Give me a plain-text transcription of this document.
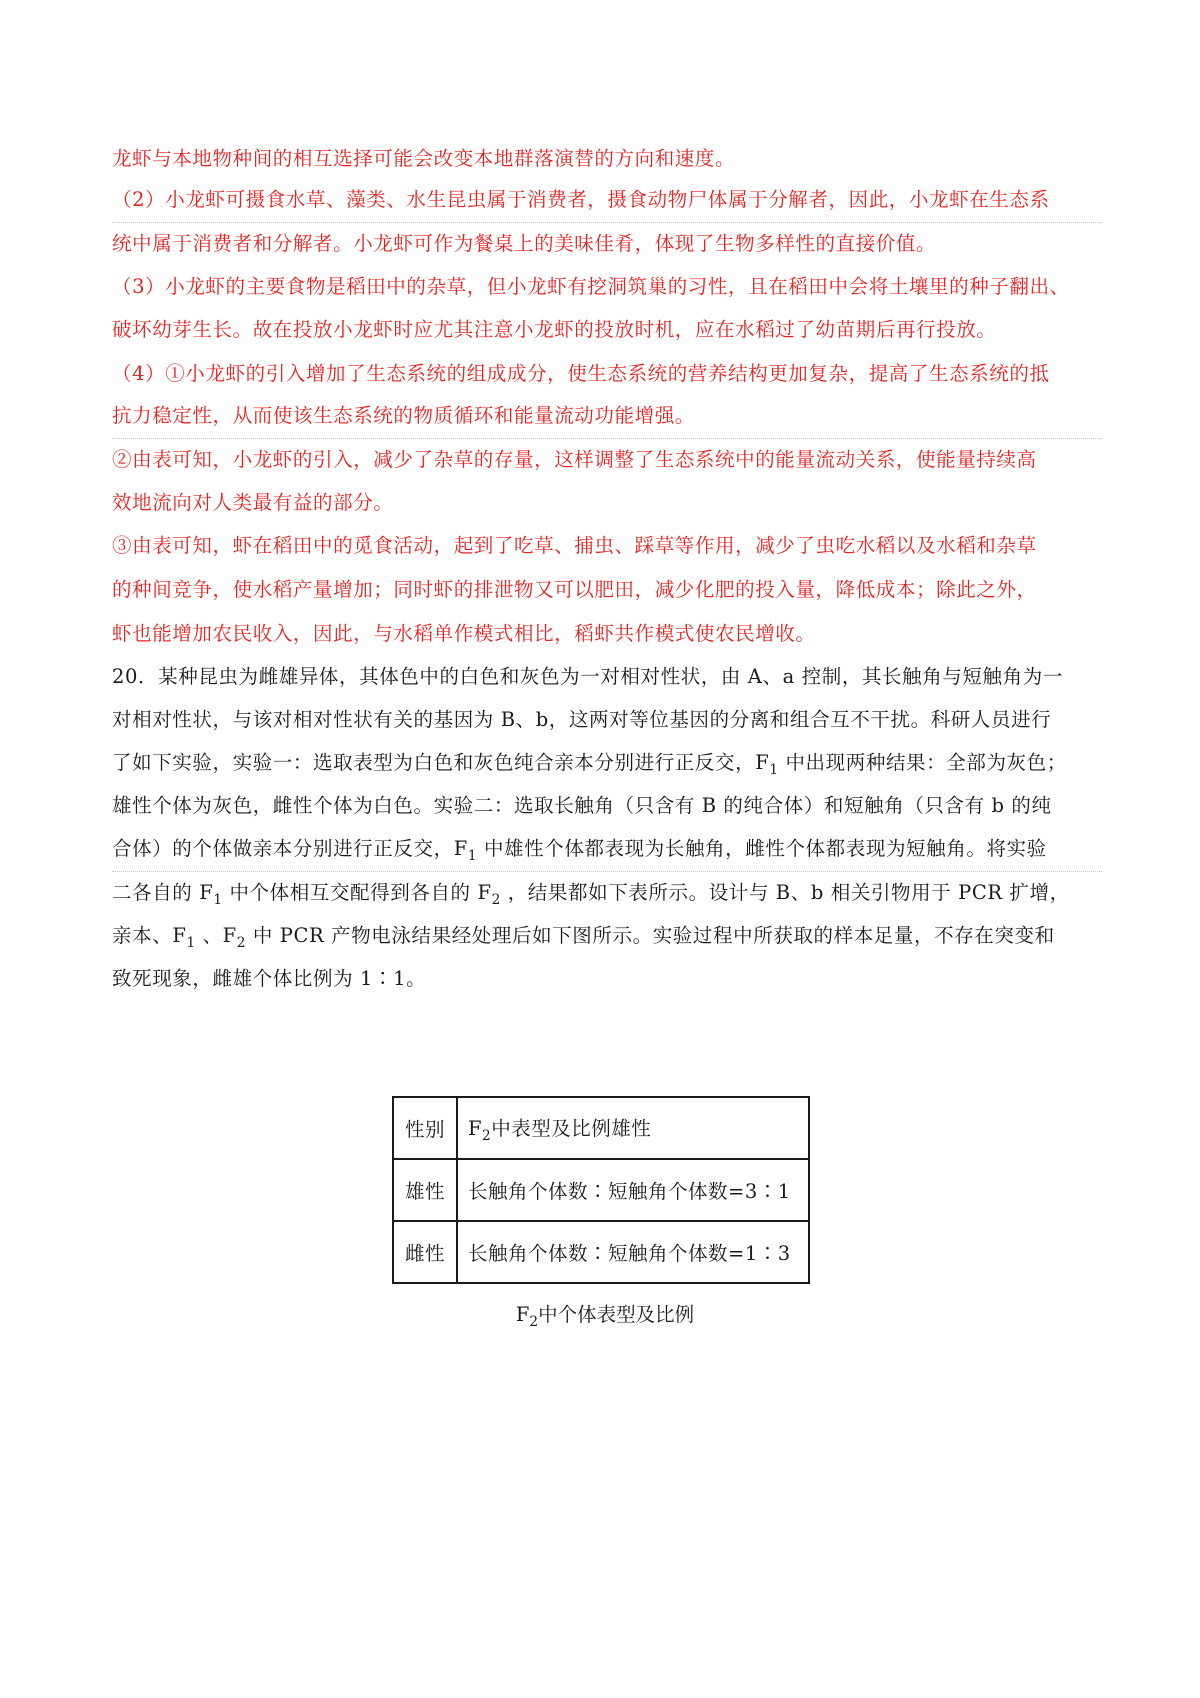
龙虾与本地物种间的相互选择可能会改变本地群落演替的方向和速度。
（2）小龙虾可摄食水草、藻类、水生昆虫属于消费者，摄食动物尸体属于分解者，因此，小龙虾在生态系
统中属于消费者和分解者。小龙虾可作为餐桌上的美味佳肴，体现了生物多样性的直接价值。
（3）小龙虾的主要食物是稻田中的杂草，但小龙虾有挖洞筑巢的习性，且在稻田中会将土壤里的种子翻出、
破坏幼芽生长。故在投放小龙虾时应尤其注意小龙虾的投放时机，应在水稻过了幼苗期后再行投放。
（4）①小龙虾的引入增加了生态系统的组成成分，使生态系统的营养结构更加复杂，提高了生态系统的抵
抗力稳定性，从而使该生态系统的物质循环和能量流动功能增强。
②由表可知，小龙虾的引入，减少了杂草的存量，这样调整了生态系统中的能量流动关系，使能量持续高
效地流向对人类最有益的部分。
③由表可知，虾在稻田中的觅食活动，起到了吃草、捕虫、踩草等作用，减少了虫吃水稻以及水稻和杂草
的种间竞争，使水稻产量增加；同时虾的排泄物又可以肥田，减少化肥的投入量，降低成本；除此之外，
虾也能增加农民收入，因此，与水稻单作模式相比，稻虾共作模式使农民增收。
20．某种昆虫为雌雄异体，其体色中的白色和灰色为一对相对性状，由 A、a 控制，其长触角与短触角为一
对相对性状，与该对相对性状有关的基因为 B、b，这两对等位基因的分离和组合互不干扰。科研人员进行
了如下实验，实验一：选取表型为白色和灰色纯合亲本分别进行正反交，$F_1$ 中出现两种结果：全部为灰色；
雄性个体为灰色，雌性个体为白色。实验二：选取长触角（只含有 B 的纯合体）和短触角（只含有 b 的纯
合体）的个体做亲本分别进行正反交，$F_1$ 中雄性个体都表现为长触角，雌性个体都表现为短触角。将实验
二各自的 $F_1$ 中个体相互交配得到各自的 $F_2$ ，结果都如下表所示。设计与 B、b 相关引物用于 PCR 扩增，
亲本、$F_1$ 、$F_2$ 中 PCR 产物电泳结果经处理后如下图所示。实验过程中所获取的样本足量，不存在突变和
致死现象，雌雄个体比例为 1∶1。
性别	$F_2$中表型及比例雄性
雄性	长触角个体数∶短触角个体数=3∶1
雌性	长触角个体数∶短触角个体数=1∶3
$F_2$中个体表型及比例
